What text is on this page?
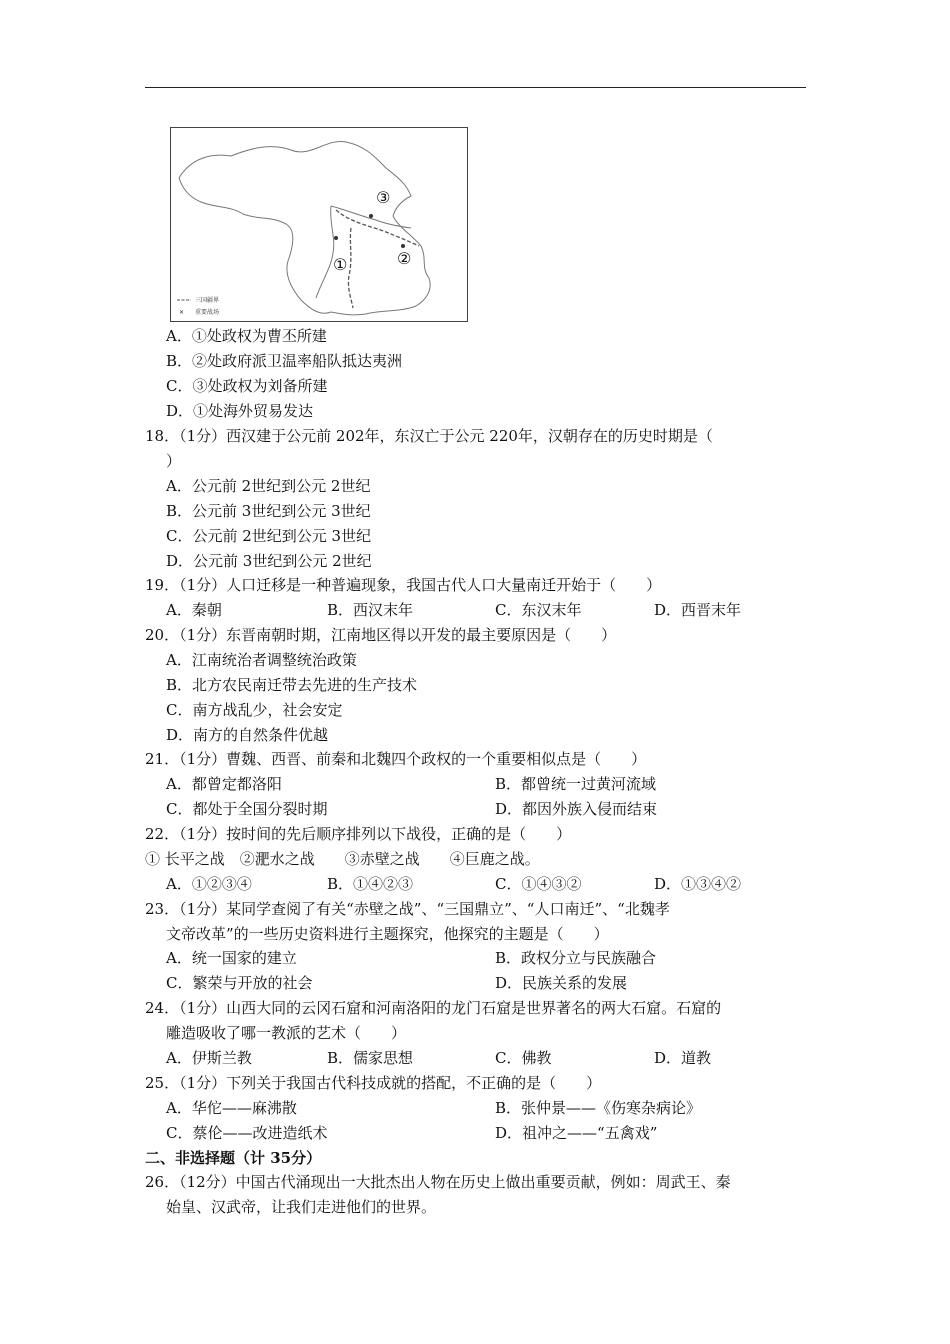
③
②
①
三国疆界
✕ 重要战场
A．①处政权为曹丕所建
B．②处政府派卫温率船队抵达夷洲
C．③处政权为刘备所建
D．①处海外贸易发达
18．（1分）西汉建于公元前 202年，东汉亡于公元 220年，汉朝存在的历史时期是（
）
A．公元前 2世纪到公元 2世纪
B．公元前 3世纪到公元 3世纪
C．公元前 2世纪到公元 3世纪
D．公元前 3世纪到公元 2世纪
19．（1分）人口迁移是一种普遍现象，我国古代人口大量南迁开始于（　　）
A．秦朝	B．西汉末年	C．东汉末年	D．西晋末年
20．（1分）东晋南朝时期，江南地区得以开发的最主要原因是（　　）
A．江南统治者调整统治政策
B．北方农民南迁带去先进的生产技术
C．南方战乱少，社会安定
D．南方的自然条件优越
21．（1分）曹魏、西晋、前秦和北魏四个政权的一个重要相似点是（　　）
A．都曾定都洛阳	B．都曾统一过黄河流域
C．都处于全国分裂时期	D．都因外族入侵而结束
22．（1分）按时间的先后顺序排列以下战役，正确的是（　　）
① 长平之战　②淝水之战　　③赤壁之战　　④巨鹿之战。
A．①②③④	B．①④②③	C．①④③②	D．①③④②
23．（1分）某同学查阅了有关“赤壁之战”、“三国鼎立”、“人口南迁”、“北魏孝
文帝改革”的一些历史资料进行主题探究，他探究的主题是（　　）
A．统一国家的建立	B．政权分立与民族融合
C．繁荣与开放的社会	D．民族关系的发展
24．（1分）山西大同的云冈石窟和河南洛阳的龙门石窟是世界著名的两大石窟。石窟的
雕造吸收了哪一教派的艺术（　　）
A．伊斯兰教	B．儒家思想	C．佛教	D．道教
25．（1分）下列关于我国古代科技成就的搭配，不正确的是（　　）
A．华佗——麻沸散	B．张仲景——《伤寒杂病论》
C．蔡伦——改进造纸术	D．祖冲之——“五禽戏”
二、非选择题（计 35分）
26．（12分）中国古代涌现出一大批杰出人物在历史上做出重要贡献，例如：周武王、秦
始皇、汉武帝，让我们走进他们的世界。
